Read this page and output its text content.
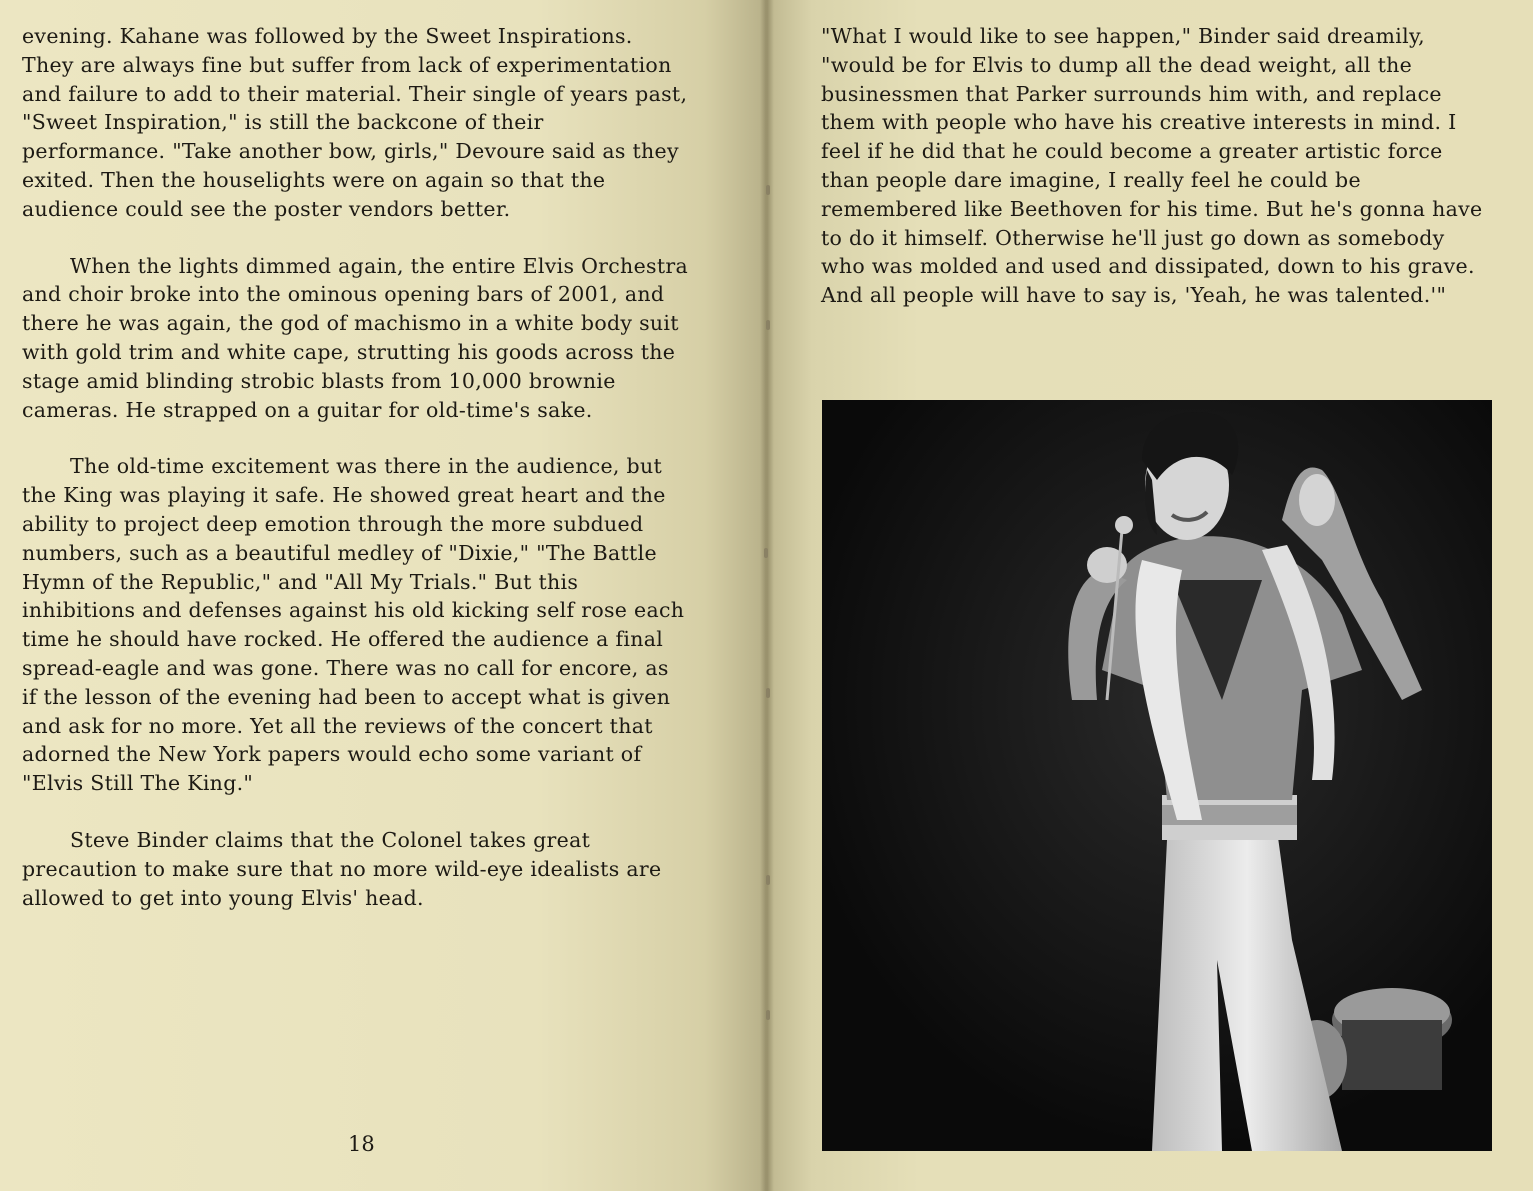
evening. Kahane was followed by the Sweet Inspirations. They are always fine but suffer from lack of experimentation and failure to add to their material. Their single of years past, "Sweet Inspiration," is still the backcone of their performance. "Take another bow, girls," Devoure said as they exited. Then the houselights were on again so that the audience could see the poster vendors better.

When the lights dimmed again, the entire Elvis Orchestra and choir broke into the ominous opening bars of 2001, and there he was again, the god of machismo in a white body suit with gold trim and white cape, strutting his goods across the stage amid blinding strobic blasts from 10,000 brownie cameras. He strapped on a guitar for old-time's sake.

The old-time excitement was there in the audience, but the King was playing it safe. He showed great heart and the ability to project deep emotion through the more subdued numbers, such as a beautiful medley of "Dixie," "The Battle Hymn of the Republic," and "All My Trials." But this inhibitions and defenses against his old kicking self rose each time he should have rocked. He offered the audience a final spread-eagle and was gone. There was no call for encore, as if the lesson of the evening had been to accept what is given and ask for no more. Yet all the reviews of the concert that adorned the New York papers would echo some variant of "Elvis Still The King."

Steve Binder claims that the Colonel takes great precaution to make sure that no more wild-eye idealists are allowed to get into young Elvis' head.

18

"What I would like to see happen," Binder said dreamily, "would be for Elvis to dump all the dead weight, all the businessmen that Parker surrounds him with, and replace them with people who have his creative interests in mind. I feel if he did that he could become a greater artistic force than people dare imagine, I really feel he could be remembered like Beethoven for his time. But he's gonna have to do it himself. Otherwise he'll just go down as somebody who was molded and used and dissipated, down to his grave. And all people will have to say is, 'Yeah, he was talented.'"
